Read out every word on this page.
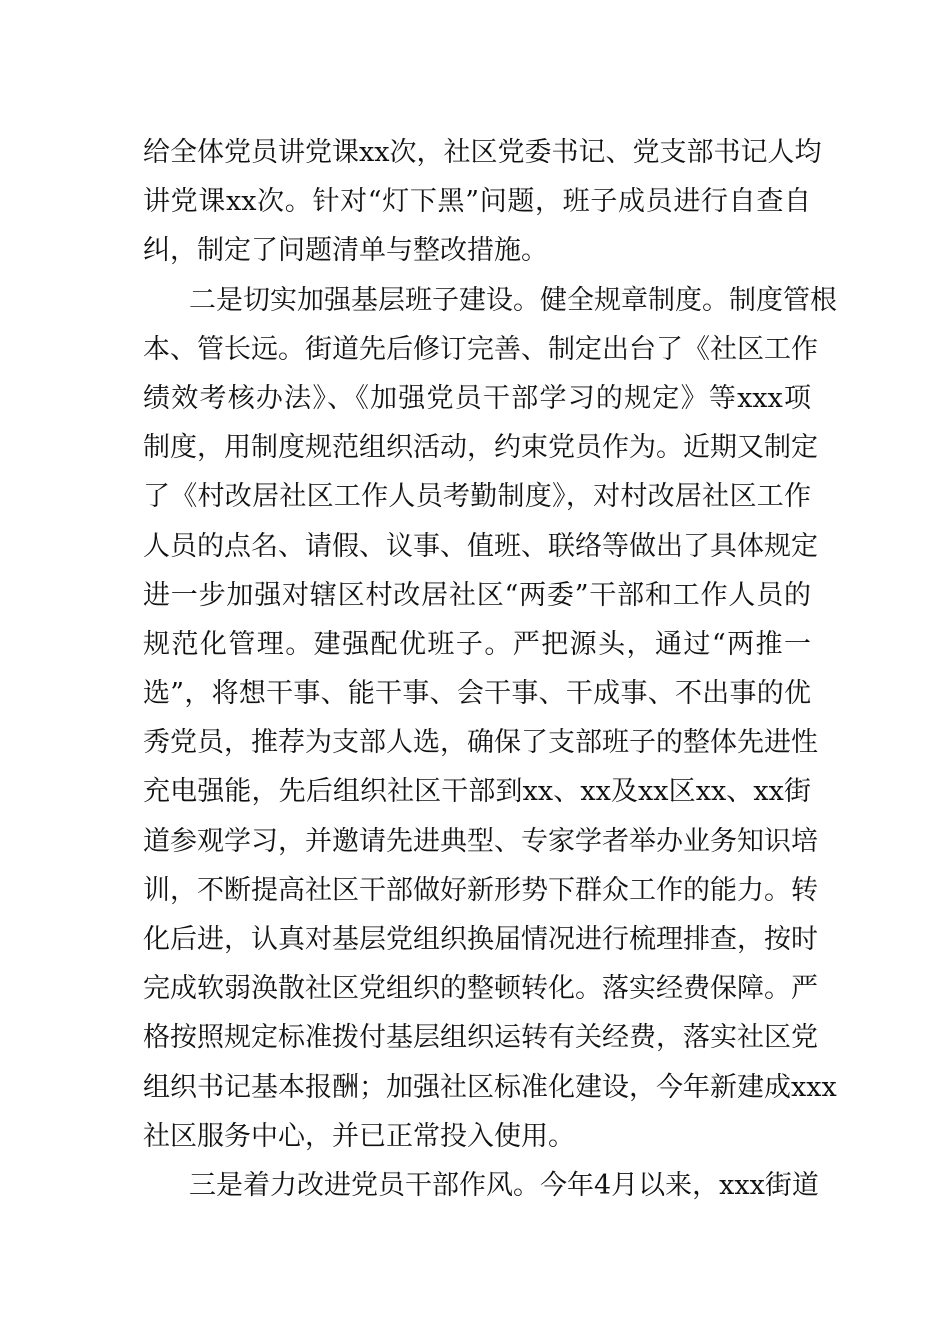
给全体党员讲党课xx次，社区党委书记、党支部书记人均
讲党课xx次。针对“灯下黑”问题，班子成员进行自查自
纠，制定了问题清单与整改措施。
二是切实加强基层班子建设。健全规章制度。制度管根
本、管长远。街道先后修订完善、制定出台了《社区工作
绩效考核办法》、《加强党员干部学习的规定》等xxx项
制度，用制度规范组织活动，约束党员作为。近期又制定
了《村改居社区工作人员考勤制度》，对村改居社区工作
人员的点名、请假、议事、值班、联络等做出了具体规定
进一步加强对辖区村改居社区“两委”干部和工作人员的
规范化管理。建强配优班子。严把源头，通过“两推一
选”，将想干事、能干事、会干事、干成事、不出事的优
秀党员，推荐为支部人选，确保了支部班子的整体先进性
充电强能，先后组织社区干部到xx、xx及xx区xx、xx街
道参观学习，并邀请先进典型、专家学者举办业务知识培
训，不断提高社区干部做好新形势下群众工作的能力。转
化后进，认真对基层党组织换届情况进行梳理排查，按时
完成软弱涣散社区党组织的整顿转化。落实经费保障。严
格按照规定标准拨付基层组织运转有关经费，落实社区党
组织书记基本报酬；加强社区标准化建设，今年新建成xxx
社区服务中心，并已正常投入使用。
三是着力改进党员干部作风。今年4月以来，xxx街道
